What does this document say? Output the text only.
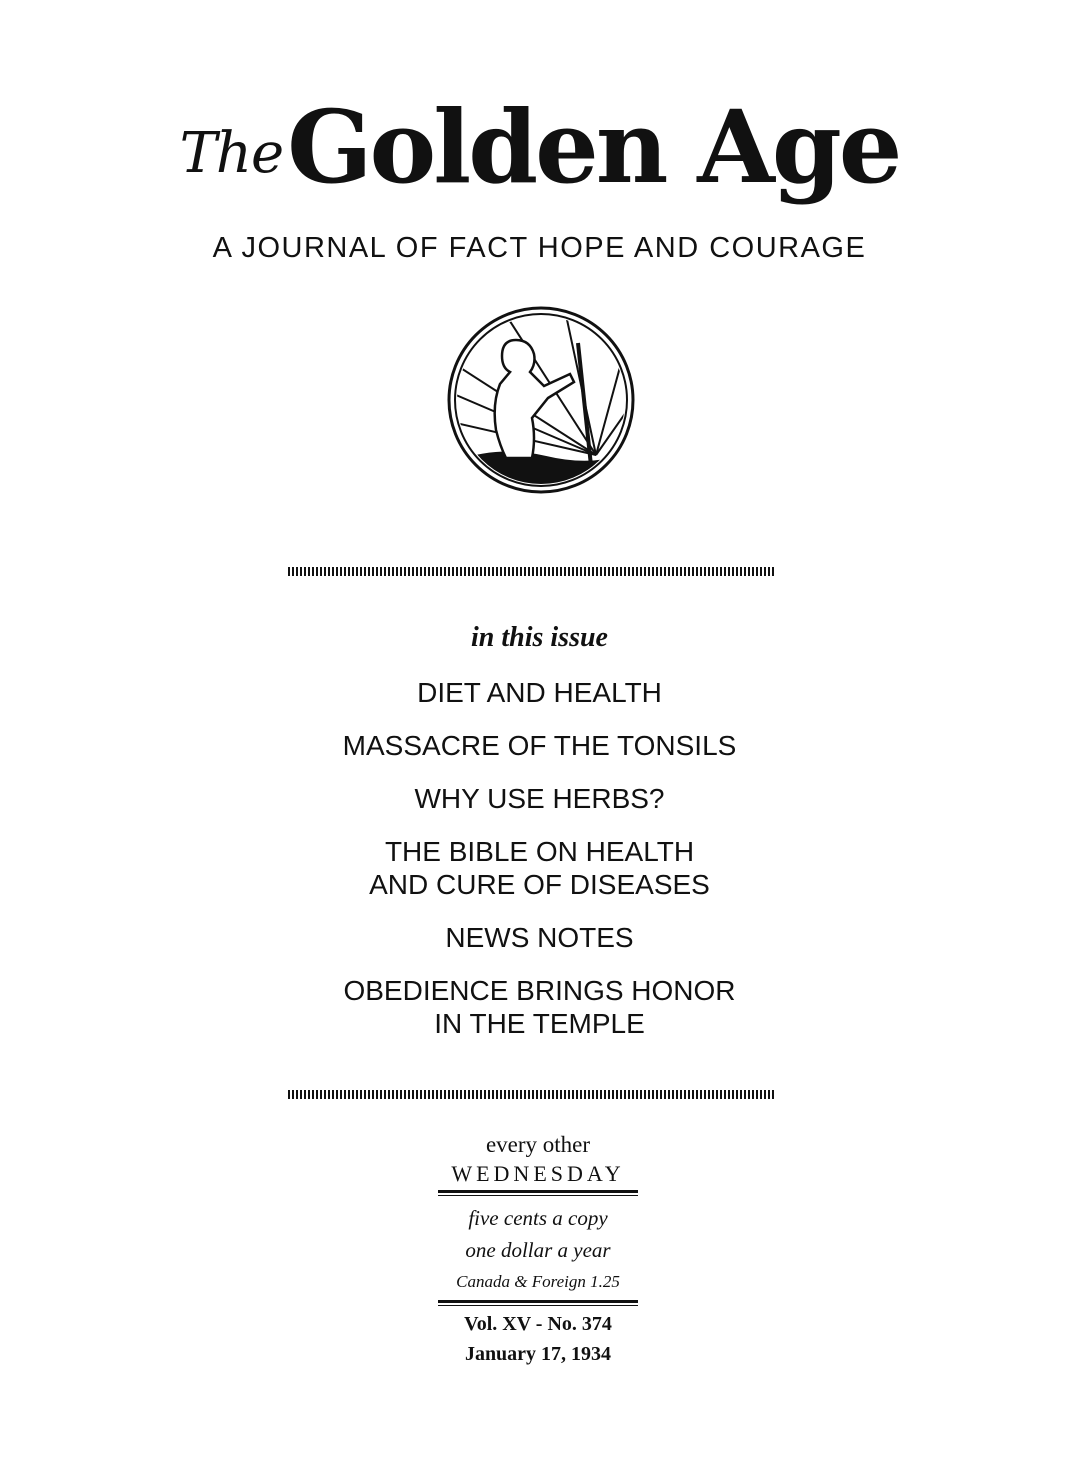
The Golden Age
A JOURNAL OF FACT HOPE AND COURAGE
in this issue
DIET AND HEALTH
MASSACRE OF THE TONSILS
WHY USE HERBS?
THE BIBLE ON HEALTH
AND CURE OF DISEASES
NEWS NOTES
OBEDIENCE BRINGS HONOR
IN THE TEMPLE
every other
WEDNESDAY
five cents a copy
one dollar a year
Canada & Foreign 1.25
Vol. XV - No. 374
January 17, 1934
